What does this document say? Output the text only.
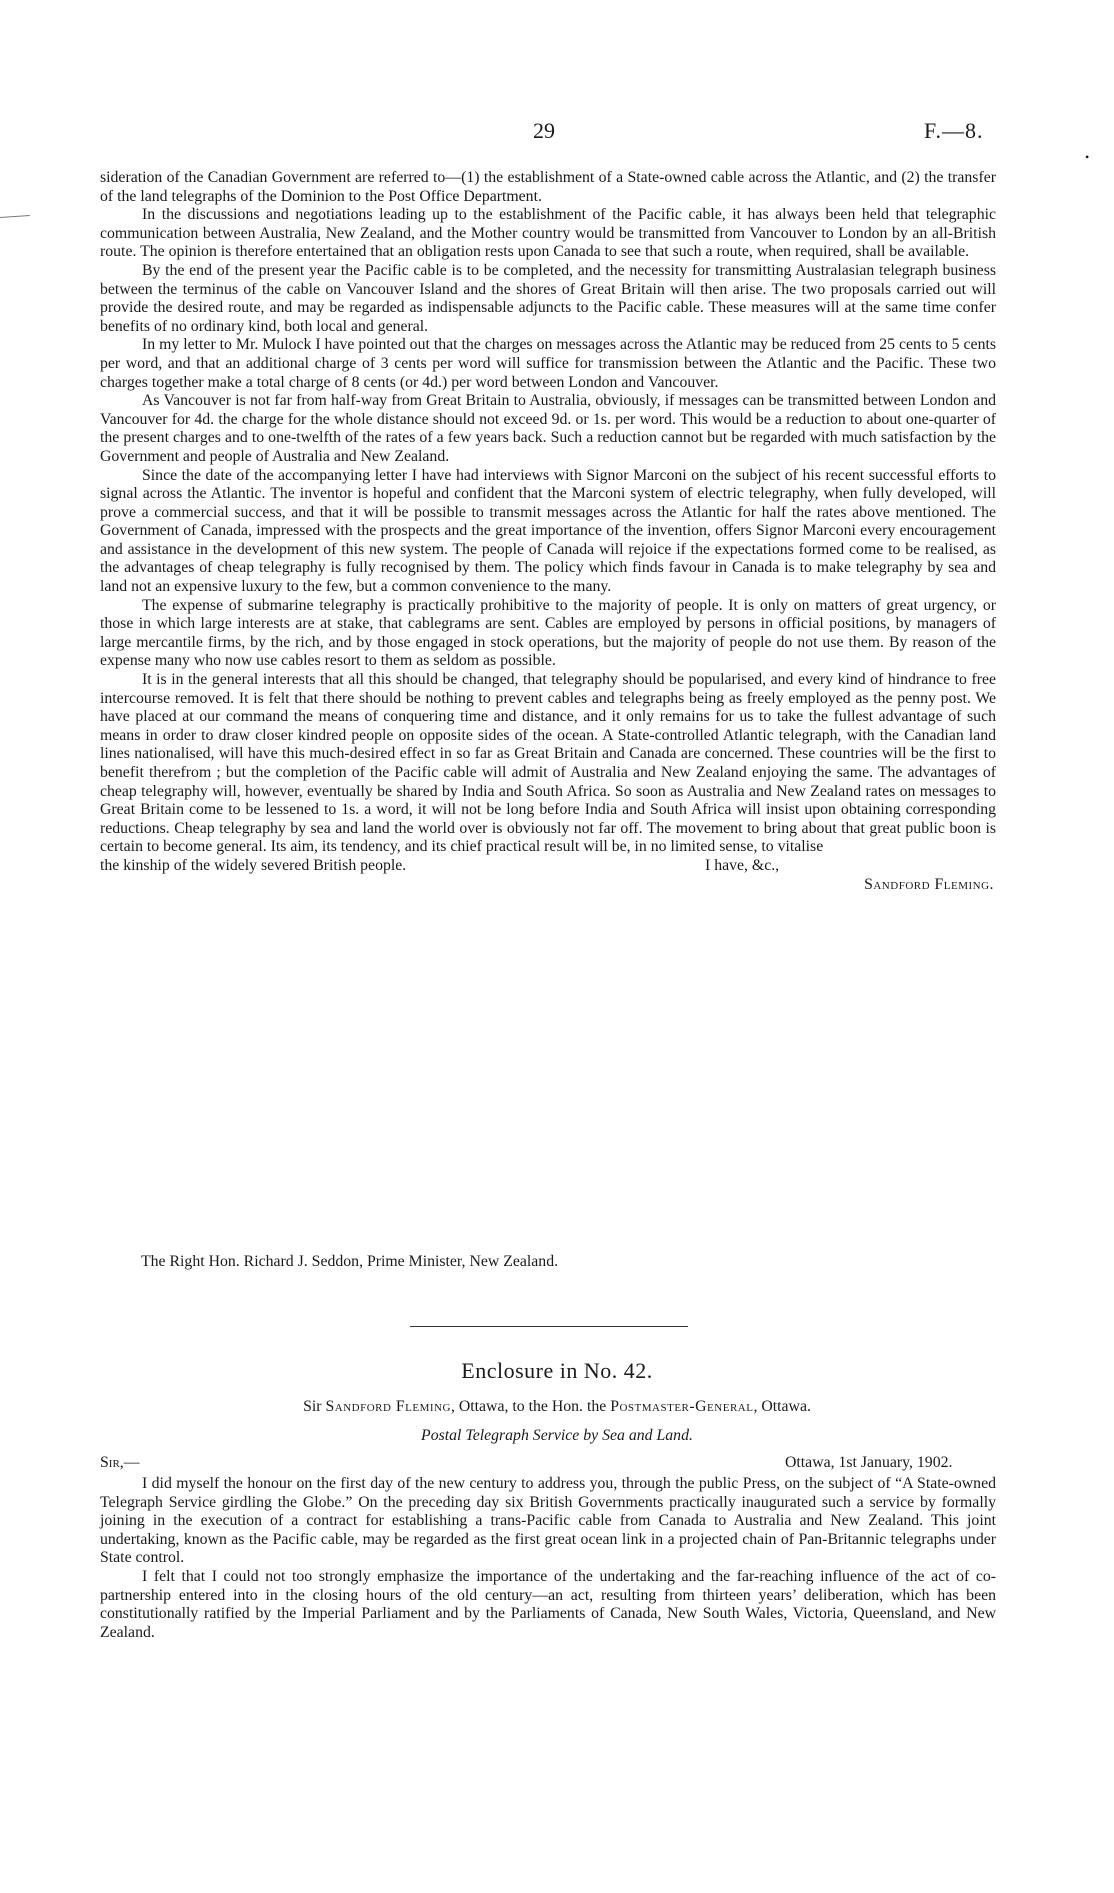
29	F.—8.
•

sideration of the Canadian Government are referred to—(1) the establishment of a State-owned cable across the Atlantic, and (2) the transfer of the land telegraphs of the Dominion to the Post Office Department.

In the discussions and negotiations leading up to the establishment of the Pacific cable, it has always been held that telegraphic communication between Australia, New Zealand, and the Mother country would be transmitted from Vancouver to London by an all-British route. The opinion is therefore entertained that an obligation rests upon Canada to see that such a route, when required, shall be available.

By the end of the present year the Pacific cable is to be completed, and the necessity for transmitting Australasian telegraph business between the terminus of the cable on Vancouver Island and the shores of Great Britain will then arise. The two proposals carried out will provide the desired route, and may be regarded as indispensable adjuncts to the Pacific cable. These measures will at the same time confer benefits of no ordinary kind, both local and general.

In my letter to Mr. Mulock I have pointed out that the charges on messages across the Atlantic may be reduced from 25 cents to 5 cents per word, and that an additional charge of 3 cents per word will suffice for transmission between the Atlantic and the Pacific. These two charges together make a total charge of 8 cents (or 4d.) per word between London and Vancouver.

As Vancouver is not far from half-way from Great Britain to Australia, obviously, if messages can be transmitted between London and Vancouver for 4d. the charge for the whole distance should not exceed 9d. or 1s. per word. This would be a reduction to about one-quarter of the present charges and to one-twelfth of the rates of a few years back. Such a reduction cannot but be regarded with much satisfaction by the Government and people of Australia and New Zealand.

Since the date of the accompanying letter I have had interviews with Signor Marconi on the subject of his recent successful efforts to signal across the Atlantic. The inventor is hopeful and confident that the Marconi system of electric telegraphy, when fully developed, will prove a commercial success, and that it will be possible to transmit messages across the Atlantic for half the rates above mentioned. The Government of Canada, impressed with the prospects and the great importance of the invention, offers Signor Marconi every encouragement and assistance in the development of this new system. The people of Canada will rejoice if the expectations formed come to be realised, as the advantages of cheap telegraphy is fully recognised by them. The policy which finds favour in Canada is to make telegraphy by sea and land not an expensive luxury to the few, but a common convenience to the many.

The expense of submarine telegraphy is practically prohibitive to the majority of people. It is only on matters of great urgency, or those in which large interests are at stake, that cablegrams are sent. Cables are employed by persons in official positions, by managers of large mercantile firms, by the rich, and by those engaged in stock operations, but the majority of people do not use them. By reason of the expense many who now use cables resort to them as seldom as possible.

It is in the general interests that all this should be changed, that telegraphy should be popularised, and every kind of hindrance to free intercourse removed. It is felt that there should be nothing to prevent cables and telegraphs being as freely employed as the penny post. We have placed at our command the means of conquering time and distance, and it only remains for us to take the fullest advantage of such means in order to draw closer kindred people on opposite sides of the ocean. A State-controlled Atlantic telegraph, with the Canadian land lines nationalised, will have this much-desired effect in so far as Great Britain and Canada are concerned. These countries will be the first to benefit therefrom ; but the completion of the Pacific cable will admit of Australia and New Zealand enjoying the same. The advantages of cheap telegraphy will, however, eventually be shared by India and South Africa. So soon as Australia and New Zealand rates on messages to Great Britain come to be lessened to 1s. a word, it will not be long before India and South Africa will insist upon obtaining corresponding reductions. Cheap telegraphy by sea and land the world over is obviously not far off. The movement to bring about that great public boon is certain to become general. Its aim, its tendency, and its chief practical result will be, in no limited sense, to vitalise

the kinship of the widely severed British people.	I have, &c.,
Sandford Fleming.
The Right Hon. Richard J. Seddon, Prime Minister, New Zealand.
Enclosure in No. 42.
Sir Sandford Fleming, Ottawa, to the Hon. the Postmaster-General, Ottawa.
Postal Telegraph Service by Sea and Land.
Sir,—	Ottawa, 1st January, 1902.

I did myself the honour on the first day of the new century to address you, through the public Press, on the subject of “A State-owned Telegraph Service girdling the Globe.” On the preceding day six British Governments practically inaugurated such a service by formally joining in the execution of a contract for establishing a trans-Pacific cable from Canada to Australia and New Zealand. This joint undertaking, known as the Pacific cable, may be regarded as the first great ocean link in a projected chain of Pan-Britannic telegraphs under State control.

I felt that I could not too strongly emphasize the importance of the undertaking and the far-reaching influence of the act of co-partnership entered into in the closing hours of the old century—an act, resulting from thirteen years’ deliberation, which has been constitutionally ratified by the Imperial Parliament and by the Parliaments of Canada, New South Wales, Victoria, Queensland, and New Zealand.
